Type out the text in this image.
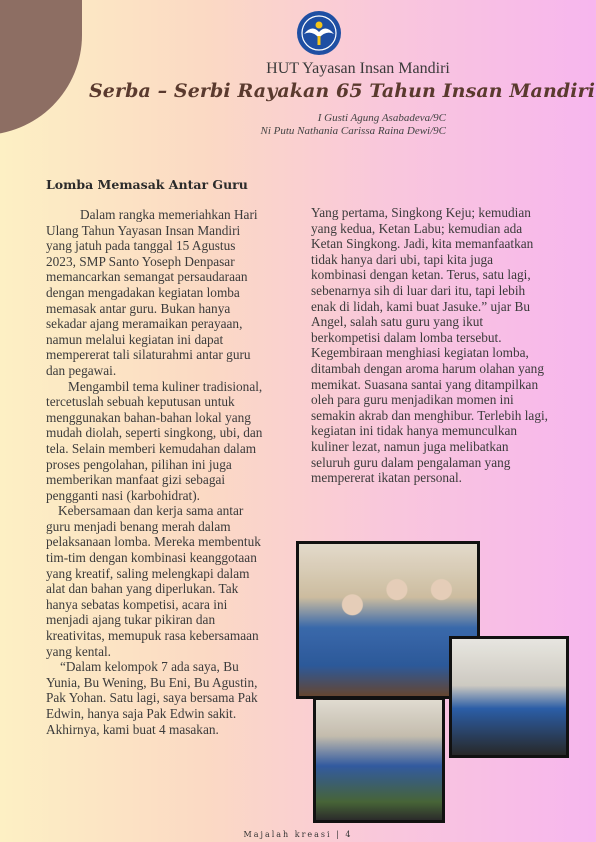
HUT Yayasan Insan Mandiri
Serba – Serbi Rayakan 65 Tahun Insan Mandiri
I Gusti Agung Asabadeva/9C
Ni Putu Nathania Carissa Raina Dewi/9C
Lomba Memasak Antar Guru

Dalam rangka memeriahkan Hari Ulang Tahun Yayasan Insan Mandiri yang jatuh pada tanggal 15 Agustus 2023, SMP Santo Yoseph Denpasar memancarkan semangat persaudaraan dengan mengadakan kegiatan lomba memasak antar guru. Bukan hanya sekadar ajang meramaikan perayaan, namun melalui kegiatan ini dapat mempererat tali silaturahmi antar guru dan pegawai.

Mengambil tema kuliner tradisional, tercetuslah sebuah keputusan untuk menggunakan bahan-bahan lokal yang mudah diolah, seperti singkong, ubi, dan tela. Selain memberi kemudahan dalam proses pengolahan, pilihan ini juga memberikan manfaat gizi sebagai pengganti nasi (karbohidrat).

Kebersamaan dan kerja sama antar guru menjadi benang merah dalam pelaksanaan lomba. Mereka membentuk tim-tim dengan kombinasi keanggotaan yang kreatif, saling melengkapi dalam alat dan bahan yang diperlukan. Tak hanya sebatas kompetisi, acara ini menjadi ajang tukar pikiran dan kreativitas, memupuk rasa kebersamaan yang kental.

“Dalam kelompok 7 ada saya, Bu Yunia, Bu Wening, Bu Eni, Bu Agustin, Pak Yohan. Satu lagi, saya bersama Pak Edwin, hanya saja Pak Edwin sakit. Akhirnya, kami buat 4 masakan.

Yang pertama, Singkong Keju; kemudian yang kedua, Ketan Labu; kemudian ada Ketan Singkong. Jadi, kita memanfaatkan tidak hanya dari ubi, tapi kita juga kombinasi dengan ketan. Terus, satu lagi, sebenarnya sih di luar dari itu, tapi lebih enak di lidah, kami buat Jasuke.” ujar Bu Angel, salah satu guru yang ikut berkompetisi dalam lomba tersebut. Kegembiraan menghiasi kegiatan lomba, ditambah dengan aroma harum olahan yang memikat. Suasana santai yang ditampilkan oleh para guru menjadikan momen ini semakin akrab dan menghibur. Terlebih lagi, kegiatan ini tidak hanya memunculkan kuliner lezat, namun juga melibatkan seluruh guru dalam pengalaman yang mempererat ikatan personal.

Majalah kreasi | 4
